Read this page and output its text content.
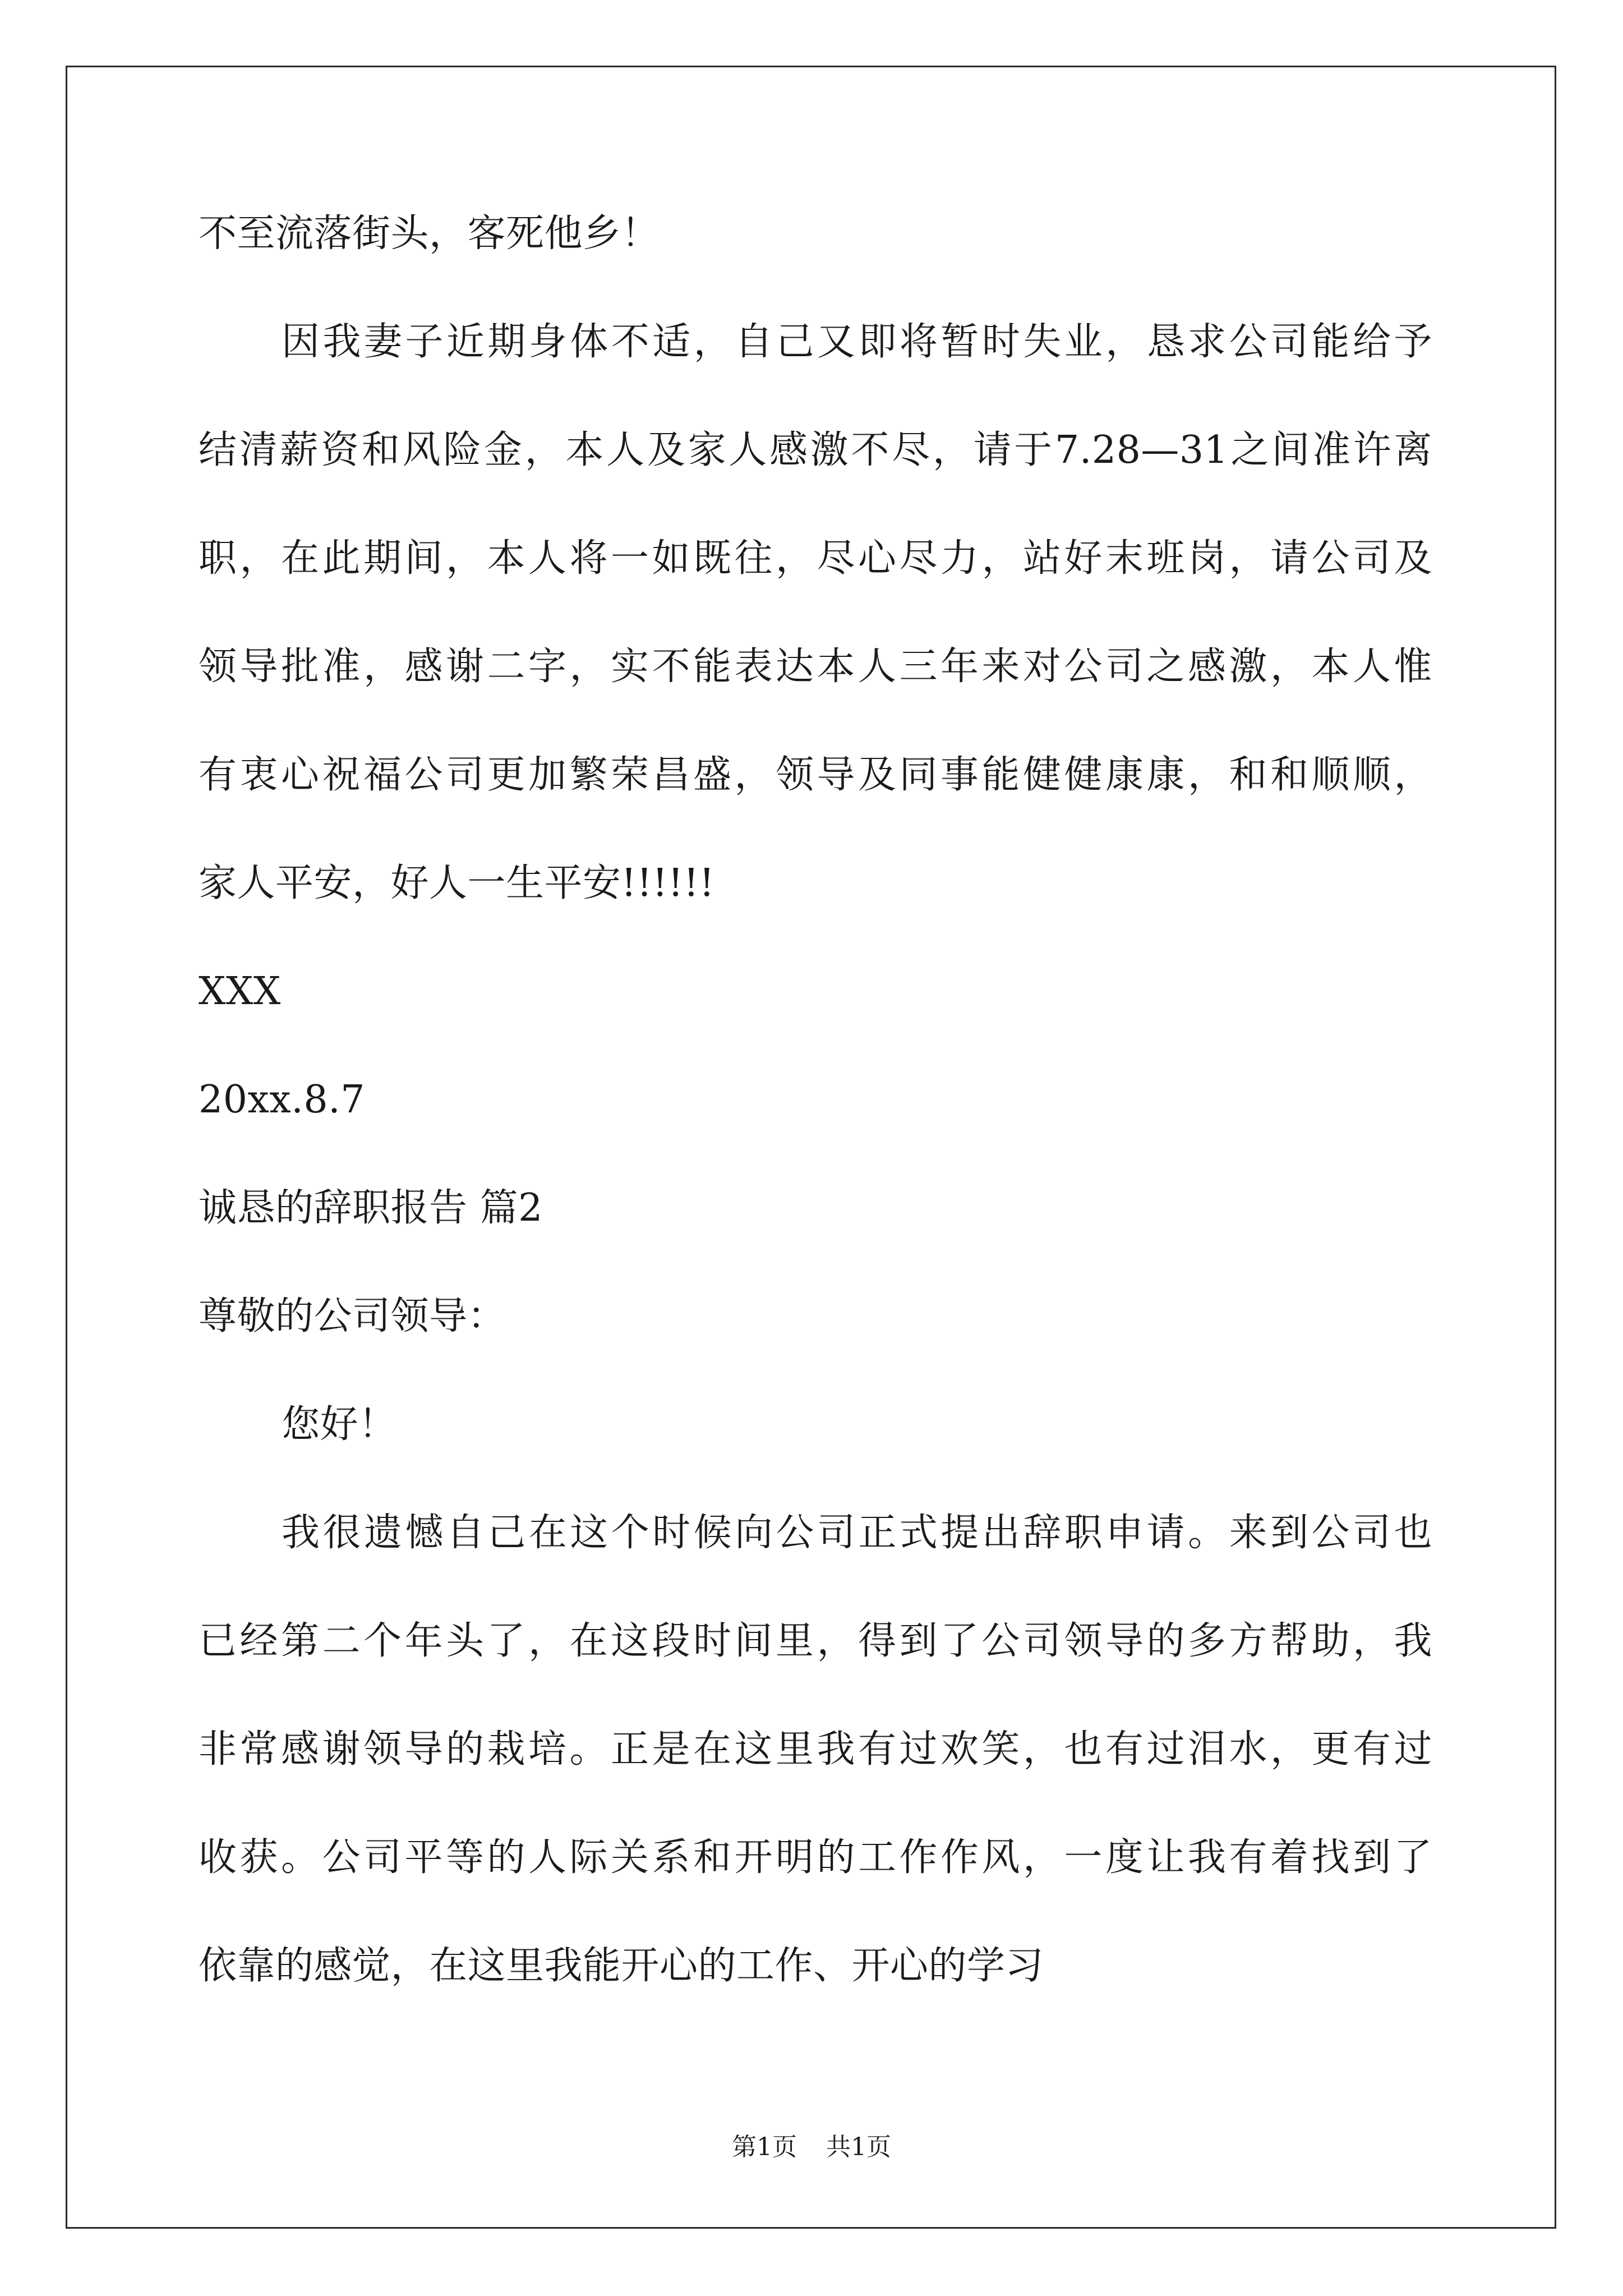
不至流落街头，客死他乡！
因我妻子近期身体不适，自己又即将暂时失业，恳求公司能给予
结清薪资和风险金，本人及家人感激不尽，请于7.28—31之间准许离
职，在此期间，本人将一如既往，尽心尽力，站好末班岗，请公司及
领导批准，感谢二字，实不能表达本人三年来对公司之感激，本人惟
有衷心祝福公司更加繁荣昌盛，领导及同事能健健康康，和和顺顺，
家人平安，好人一生平安!!!!!!
XXX
20xx.8.7
诚恳的辞职报告 篇2
尊敬的公司领导：
您好！
我很遗憾自己在这个时候向公司正式提出辞职申请。来到公司也
已经第二个年头了，在这段时间里，得到了公司领导的多方帮助，我
非常感谢领导的栽培。正是在这里我有过欢笑，也有过泪水，更有过
收获。公司平等的人际关系和开明的工作作风，一度让我有着找到了
依靠的感觉，在这里我能开心的工作、开心的学习
第1页 共1页
